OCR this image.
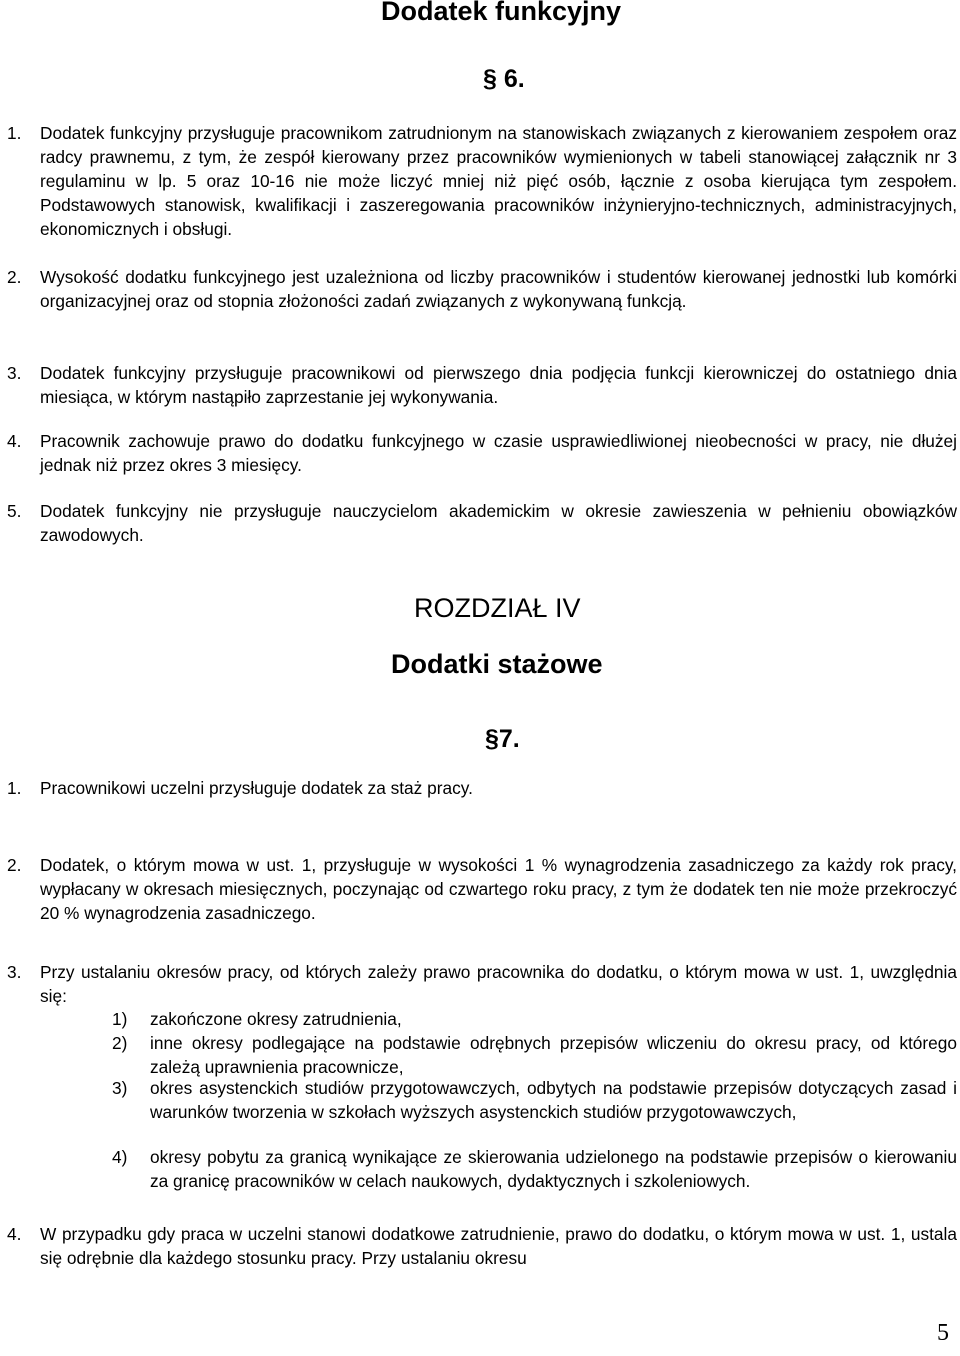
Dodatek funkcyjny
§ 6.
1. Dodatek funkcyjny przysługuje pracownikom zatrudnionym na stanowiskach związanych z kierowaniem zespołem oraz radcy prawnemu, z tym, że zespół kierowany przez pracowników wymienionych w tabeli stanowiącej załącznik nr 3 regulaminu w lp. 5 oraz 10-16 nie może liczyć mniej niż pięć osób, łącznie z osoba kierująca tym zespołem. Podstawowych stanowisk, kwalifikacji i zaszeregowania pracowników inżynieryjno-technicznych, administracyjnych, ekonomicznych i obsługi.
2. Wysokość dodatku funkcyjnego jest uzależniona od liczby pracowników i studentów kierowanej jednostki lub komórki organizacyjnej oraz od stopnia złożoności zadań związanych z wykonywaną funkcją.
3. Dodatek funkcyjny przysługuje pracownikowi od pierwszego dnia podjęcia funkcji kierowniczej do ostatniego dnia miesiąca, w którym nastąpiło zaprzestanie jej wykonywania.
4. Pracownik zachowuje prawo do dodatku funkcyjnego w czasie usprawiedliwionej nieobecności w pracy, nie dłużej jednak niż przez okres 3 miesięcy.
5. Dodatek funkcyjny nie przysługuje nauczycielom akademickim w okresie zawieszenia w pełnieniu obowiązków zawodowych.
ROZDZIAŁ IV
Dodatki stażowe
§7.
1. Pracownikowi uczelni przysługuje dodatek za staż pracy.
2. Dodatek, o którym mowa w ust. 1, przysługuje w wysokości 1 % wynagrodzenia zasadniczego za każdy rok pracy, wypłacany w okresach miesięcznych, poczynając od czwartego roku pracy, z tym że dodatek ten nie może przekroczyć 20 % wynagrodzenia zasadniczego.
3. Przy ustalaniu okresów pracy, od których zależy prawo pracownika do dodatku, o którym mowa w ust. 1, uwzględnia się:
1) zakończone okresy zatrudnienia,
2) inne okresy podlegające na podstawie odrębnych przepisów wliczeniu do okresu pracy, od którego zależą uprawnienia pracownicze,
3) okres asystenckich studiów przygotowawczych, odbytych na podstawie przepisów dotyczących zasad i warunków tworzenia w szkołach wyższych asystenckich studiów przygotowawczych,
4) okresy pobytu za granicą wynikające ze skierowania udzielonego na podstawie przepisów o kierowaniu za granicę pracowników w celach naukowych, dydaktycznych i szkoleniowych.
4. W przypadku gdy praca w uczelni stanowi dodatkowe zatrudnienie, prawo do dodatku, o którym mowa w ust. 1, ustala się odrębnie dla każdego stosunku pracy. Przy ustalaniu okresu
5
